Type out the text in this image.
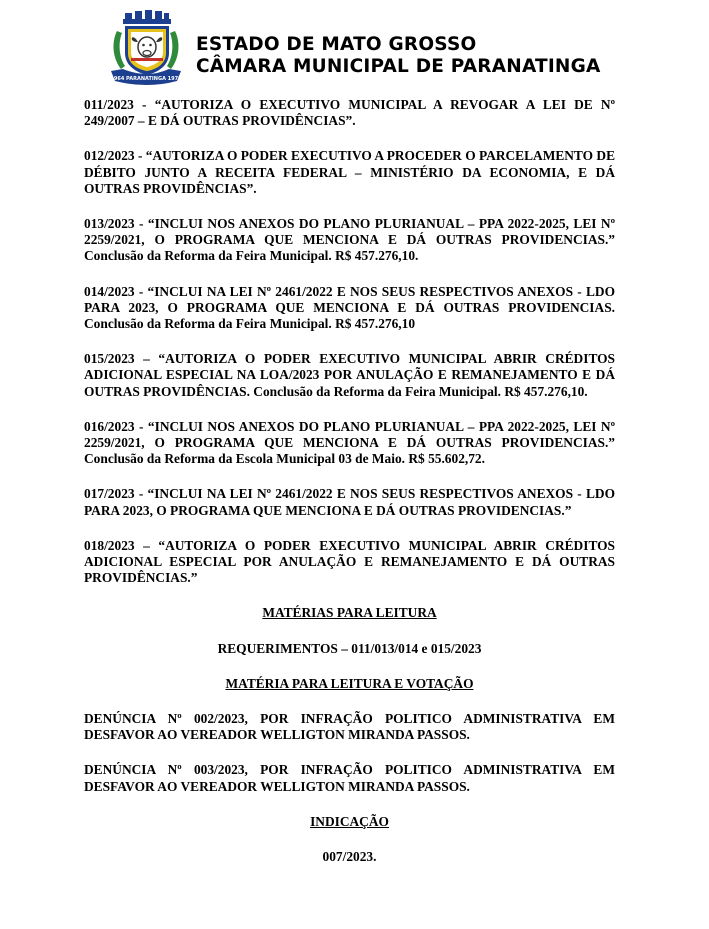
1964 PARANATINGA 1979
ESTADO DE MATO GROSSO
CÂMARA MUNICIPAL DE PARANATINGA

011/2023 - “AUTORIZA O EXECUTIVO MUNICIPAL A REVOGAR A LEI DE Nº 249/2007 – E DÁ OUTRAS PROVIDÊNCIAS”.

012/2023 - “AUTORIZA O PODER EXECUTIVO A PROCEDER O PARCELAMENTO DE DÉBITO JUNTO A RECEITA FEDERAL – MINISTÉRIO DA ECONOMIA, E DÁ OUTRAS PROVIDÊNCIAS”.

013/2023 - “INCLUI NOS ANEXOS DO PLANO PLURIANUAL – PPA 2022-2025, LEI Nº 2259/2021, O PROGRAMA QUE MENCIONA E DÁ OUTRAS PROVIDENCIAS.” Conclusão da Reforma da Feira Municipal. R$ 457.276,10.

014/2023 - “INCLUI NA LEI Nº 2461/2022 E NOS SEUS RESPECTIVOS ANEXOS - LDO PARA 2023, O PROGRAMA QUE MENCIONA E DÁ OUTRAS PROVIDENCIAS. Conclusão da Reforma da Feira Municipal. R$ 457.276,10

015/2023 – “AUTORIZA O PODER EXECUTIVO MUNICIPAL ABRIR CRÉDITOS ADICIONAL ESPECIAL NA LOA/2023 POR ANULAÇÃO E REMANEJAMENTO E DÁ OUTRAS PROVIDÊNCIAS. Conclusão da Reforma da Feira Municipal. R$ 457.276,10.

016/2023 - “INCLUI NOS ANEXOS DO PLANO PLURIANUAL – PPA 2022-2025, LEI Nº 2259/2021, O PROGRAMA QUE MENCIONA E DÁ OUTRAS PROVIDENCIAS.” Conclusão da Reforma da Escola Municipal 03 de Maio. R$ 55.602,72.

017/2023 - “INCLUI NA LEI Nº 2461/2022 E NOS SEUS RESPECTIVOS ANEXOS - LDO PARA 2023, O PROGRAMA QUE MENCIONA E DÁ OUTRAS PROVIDENCIAS.”

018/2023 – “AUTORIZA O PODER EXECUTIVO MUNICIPAL ABRIR CRÉDITOS ADICIONAL ESPECIAL POR ANULAÇÃO E REMANEJAMENTO E DÁ OUTRAS PROVIDÊNCIAS.”

MATÉRIAS PARA LEITURA

REQUERIMENTOS – 011/013/014 e 015/2023

MATÉRIA PARA LEITURA E VOTAÇÃO

DENÚNCIA Nº 002/2023, POR INFRAÇÃO POLITICO ADMINISTRATIVA EM DESFAVOR AO VEREADOR WELLIGTON MIRANDA PASSOS.

DENÚNCIA Nº 003/2023, POR INFRAÇÃO POLITICO ADMINISTRATIVA EM DESFAVOR AO VEREADOR WELLIGTON MIRANDA PASSOS.

INDICAÇÃO

007/2023.
